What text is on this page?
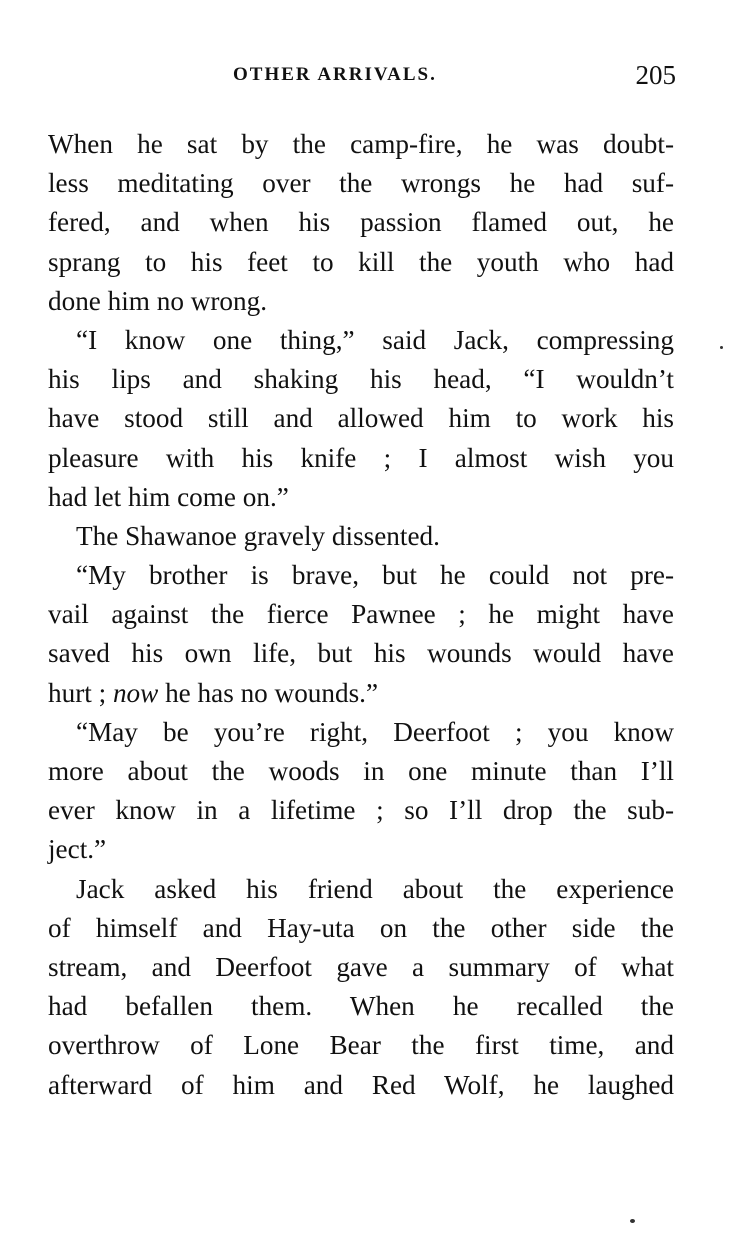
OTHER ARRIVALS.	205
When he sat by the camp-fire, he was doubt-
less meditating over the wrongs he had suf-
fered, and when his passion flamed out, he
sprang to his feet to kill the youth who had
done him no wrong.
“I know one thing,” said Jack, compressing
his lips and shaking his head, “I wouldn’t
have stood still and allowed him to work his
pleasure with his knife ; I almost wish you
had let him come on.”
The Shawanoe gravely dissented.
“My brother is brave, but he could not pre-
vail against the fierce Pawnee ; he might have
saved his own life, but his wounds would have
hurt ; now he has no wounds.”
“May be you’re right, Deerfoot ; you know
more about the woods in one minute than I’ll
ever know in a lifetime ; so I’ll drop the sub-
ject.”
Jack asked his friend about the experience
of himself and Hay-uta on the other side the
stream, and Deerfoot gave a summary of what
had befallen them. When he recalled the
overthrow of Lone Bear the first time, and
afterward of him and Red Wolf, he laughed
